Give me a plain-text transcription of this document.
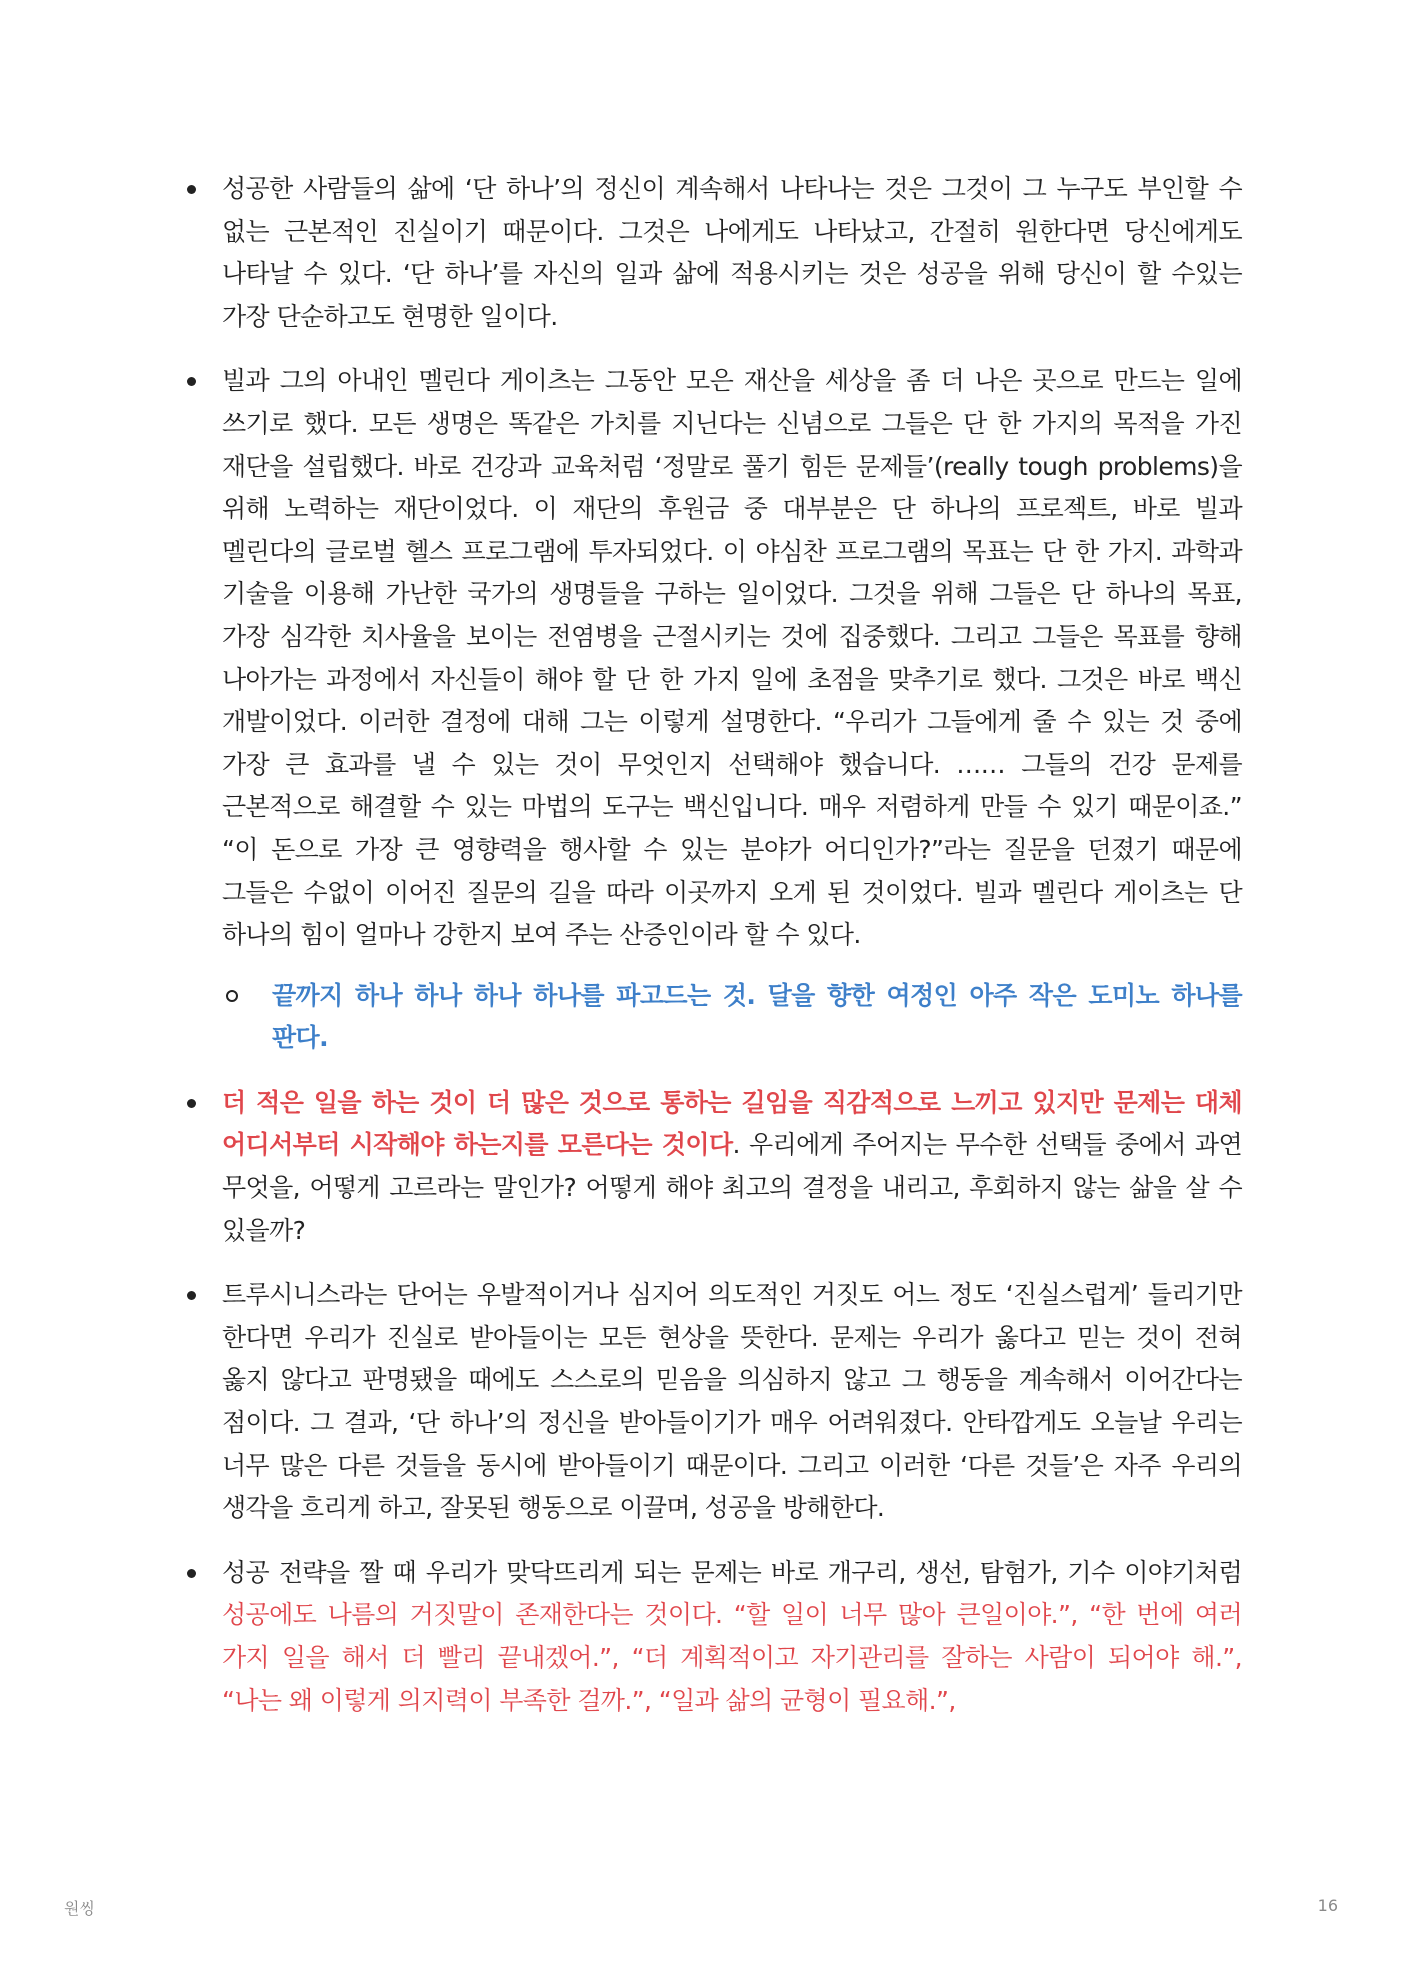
성공한 사람들의 삶에 ‘단 하나’의 정신이 계속해서 나타나는 것은 그것이 그 누구도 부인할 수 없는 근본적인 진실이기 때문이다. 그것은 나에게도 나타났고, 간절히 원한다면 당신에게도 나타날 수 있다. ‘단 하나’를 자신의 일과 삶에 적용시키는 것은 성공을 위해 당신이 할 수있는 가장 단순하고도 현명한 일이다.
빌과 그의 아내인 멜린다 게이츠는 그동안 모은 재산을 세상을 좀 더 나은 곳으로 만드는 일에 쓰기로 했다. 모든 생명은 똑같은 가치를 지닌다는 신념으로 그들은 단 한 가지의 목적을 가진 재단을 설립했다. 바로 건강과 교육처럼 ‘정말로 풀기 힘든 문제들’(really tough problems)을 위해 노력하는 재단이었다. 이 재단의 후원금 중 대부분은 단 하나의 프로젝트, 바로 빌과 멜린다의 글로벌 헬스 프로그램에 투자되었다. 이 야심찬 프로그램의 목표는 단 한 가지. 과학과 기술을 이용해 가난한 국가의 생명들을 구하는 일이었다. 그것을 위해 그들은 단 하나의 목표, 가장 심각한 치사율을 보이는 전염병을 근절시키는 것에 집중했다. 그리고 그들은 목표를 향해 나아가는 과정에서 자신들이 해야 할 단 한 가지 일에 초점을 맞추기로 했다. 그것은 바로 백신 개발이었다. 이러한 결정에 대해 그는 이렇게 설명한다. “우리가 그들에게 줄 수 있는 것 중에 가장 큰 효과를 낼 수 있는 것이 무엇인지 선택해야 했습니다. …… 그들의 건강 문제를 근본적으로 해결할 수 있는 마법의 도구는 백신입니다. 매우 저렴하게 만들 수 있기 때문이죠.” “이 돈으로 가장 큰 영향력을 행사할 수 있는 분야가 어디인가?”라는 질문을 던졌기 때문에 그들은 수없이 이어진 질문의 길을 따라 이곳까지 오게 된 것이었다. 빌과 멜린다 게이츠는 단 하나의 힘이 얼마나 강한지 보여 주는 산증인이라 할 수 있다.
끝까지 하나 하나 하나 하나를 파고드는 것. 달을 향한 여정인 아주 작은 도미노 하나를 판다.
더 적은 일을 하는 것이 더 많은 것으로 통하는 길임을 직감적으로 느끼고 있지만 문제는 대체 어디서부터 시작해야 하는지를 모른다는 것이다. 우리에게 주어지는 무수한 선택들 중에서 과연 무엇을, 어떻게 고르라는 말인가? 어떻게 해야 최고의 결정을 내리고, 후회하지 않는 삶을 살 수 있을까?
트루시니스라는 단어는 우발적이거나 심지어 의도적인 거짓도 어느 정도 ‘진실스럽게’ 들리기만 한다면 우리가 진실로 받아들이는 모든 현상을 뜻한다. 문제는 우리가 옳다고 믿는 것이 전혀 옳지 않다고 판명됐을 때에도 스스로의 믿음을 의심하지 않고 그 행동을 계속해서 이어간다는 점이다. 그 결과, ‘단 하나’의 정신을 받아들이기가 매우 어려워졌다. 안타깝게도 오늘날 우리는 너무 많은 다른 것들을 동시에 받아들이기 때문이다. 그리고 이러한 ‘다른 것들’은 자주 우리의 생각을 흐리게 하고, 잘못된 행동으로 이끌며, 성공을 방해한다.
성공 전략을 짤 때 우리가 맞닥뜨리게 되는 문제는 바로 개구리, 생선, 탐험가, 기수 이야기처럼 성공에도 나름의 거짓말이 존재한다는 것이다. “할 일이 너무 많아 큰일이야.”, “한 번에 여러 가지 일을 해서 더 빨리 끝내겠어.”, “더 계획적이고 자기관리를 잘하는 사람이 되어야 해.”, “나는 왜 이렇게 의지력이 부족한 걸까.”, “일과 삶의 균형이 필요해.”,
원씽	16
